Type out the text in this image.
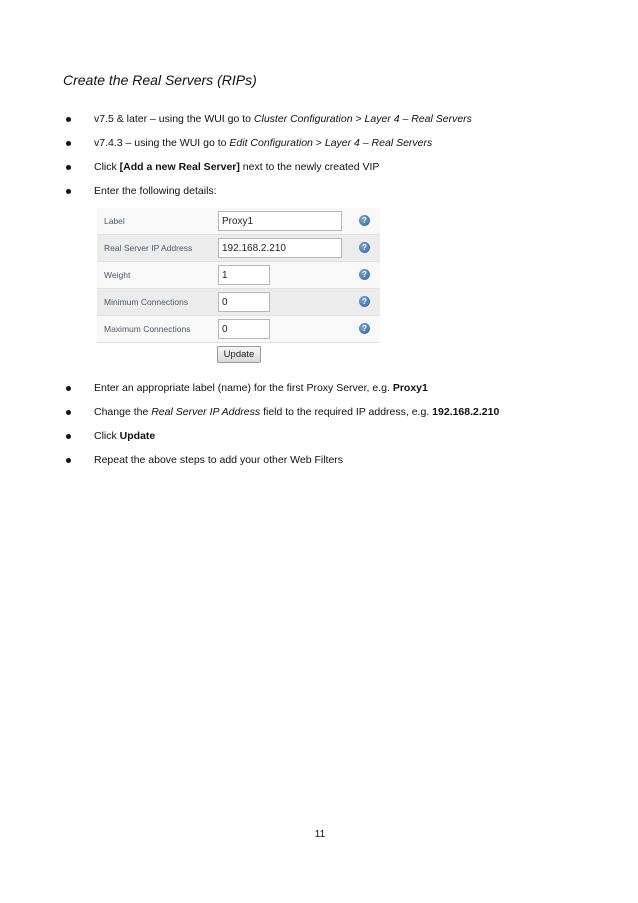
Create the Real Servers (RIPs)
v7.5 & later – using the WUI go to Cluster Configuration > Layer 4 – Real Servers
v7.4.3 – using the WUI go to Edit Configuration > Layer 4 – Real Servers
Click [Add a new Real Server] next to the newly created VIP
Enter the following details:
Label	Proxy1	?
Real Server IP Address	192.168.2.210	?
Weight	1	?
Minimum Connections	0	?
Maximum Connections	0	?
Update
Enter an appropriate label (name) for the first Proxy Server, e.g. Proxy1
Change the Real Server IP Address field to the required IP address, e.g. 192.168.2.210
Click Update
Repeat the above steps to add your other Web Filters
11
